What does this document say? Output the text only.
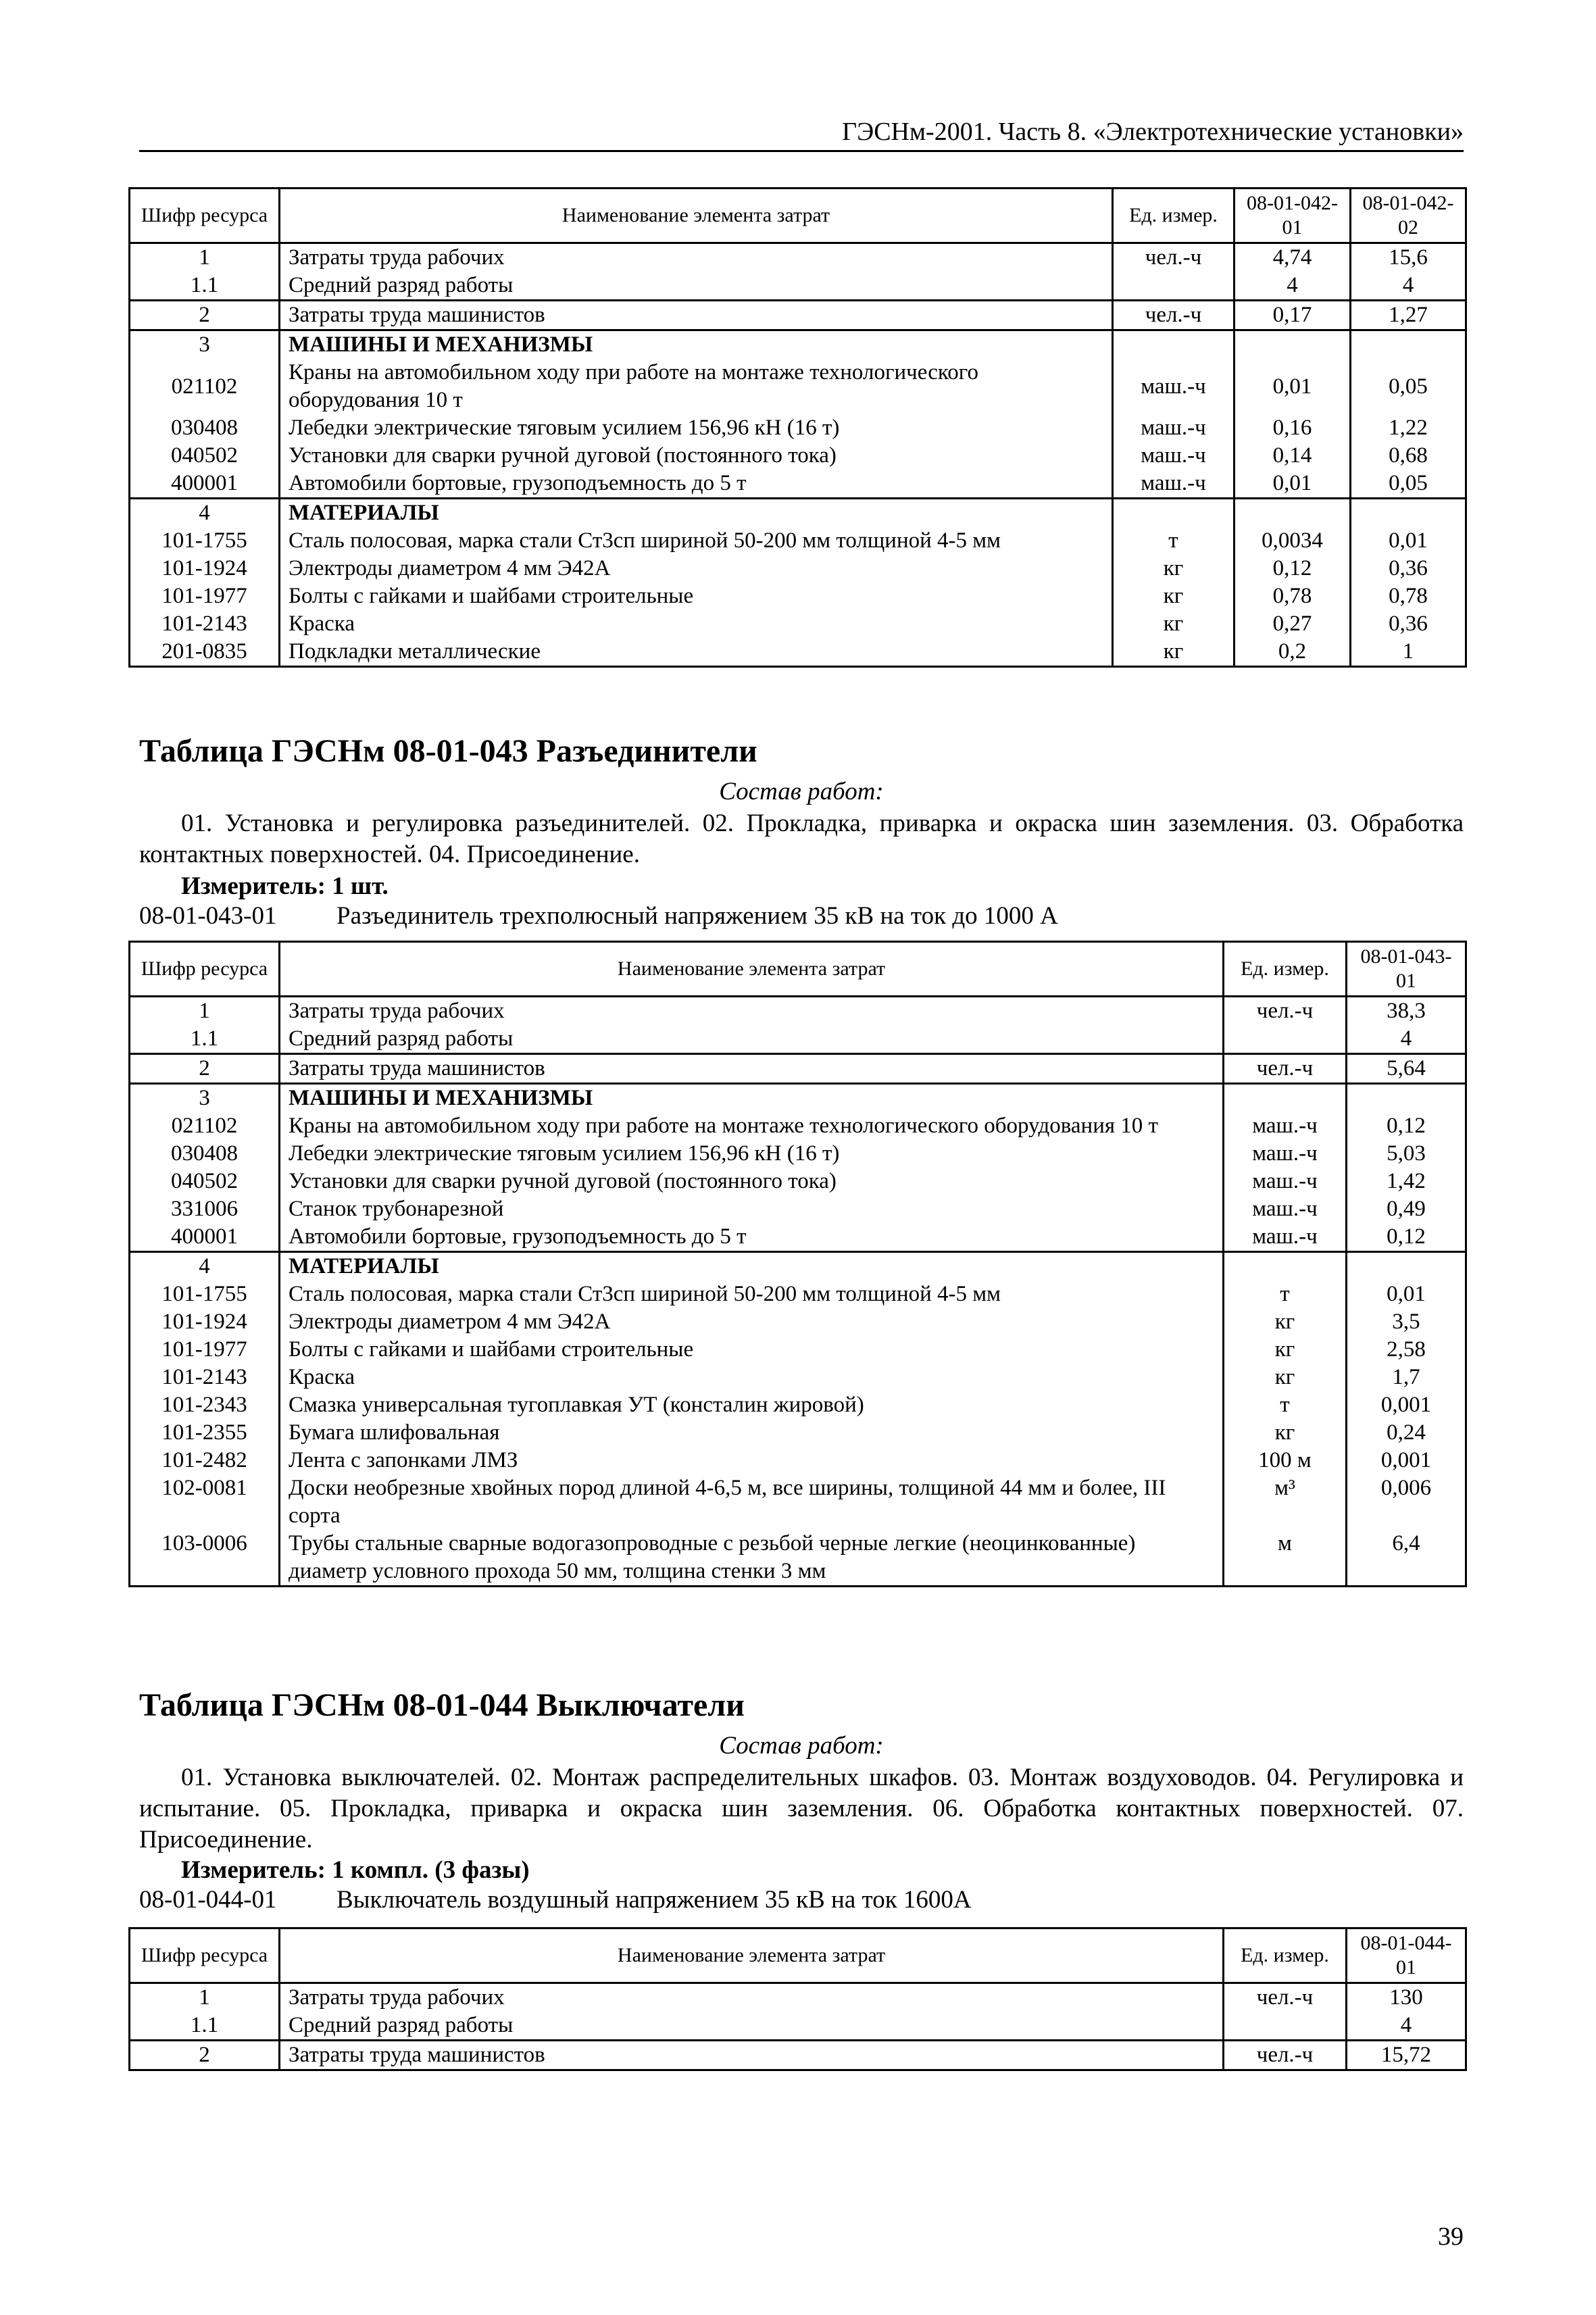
ГЭСНм-2001. Часть 8. «Электротехнические установки»
Шифр ресурса	Наименование элемента затрат	Ед. измер.	08-01-042-01	08-01-042-02
1	Затраты труда рабочих	чел.-ч	4,74	15,6
1.1	Средний разряд работы		4	4
2	Затраты труда машинистов	чел.-ч	0,17	1,27
3	МАШИНЫ И МЕХАНИЗМЫ			
021102	Краны на автомобильном ходу при работе на монтаже технологического оборудования 10 т	маш.-ч	0,01	0,05
030408	Лебедки электрические тяговым усилием 156,96 кН (16 т)	маш.-ч	0,16	1,22
040502	Установки для сварки ручной дуговой (постоянного тока)	маш.-ч	0,14	0,68
400001	Автомобили бортовые, грузоподъемность до 5 т	маш.-ч	0,01	0,05
4	МАТЕРИАЛЫ			
101-1755	Сталь полосовая, марка стали Ст3сп шириной 50-200 мм толщиной 4-5 мм	т	0,0034	0,01
101-1924	Электроды диаметром 4 мм Э42А	кг	0,12	0,36
101-1977	Болты с гайками и шайбами строительные	кг	0,78	0,78
101-2143	Краска	кг	0,27	0,36
201-0835	Подкладки металлические	кг	0,2	1
Таблица ГЭСНм 08-01-043 Разъединители
Состав работ:
01. Установка и регулировка разъединителей. 02. Прокладка, приварка и окраска шин заземления. 03. Обработка контактных поверхностей. 04. Присоединение.
Измеритель: 1 шт.
08-01-043-01 Разъединитель трехполюсный напряжением 35 кВ на ток до 1000 А
Шифр ресурса	Наименование элемента затрат	Ед. измер.	08-01-043-01
1	Затраты труда рабочих	чел.-ч	38,3
1.1	Средний разряд работы		4
2	Затраты труда машинистов	чел.-ч	5,64
3	МАШИНЫ И МЕХАНИЗМЫ		
021102	Краны на автомобильном ходу при работе на монтаже технологического оборудования 10 т	маш.-ч	0,12
030408	Лебедки электрические тяговым усилием 156,96 кН (16 т)	маш.-ч	5,03
040502	Установки для сварки ручной дуговой (постоянного тока)	маш.-ч	1,42
331006	Станок трубонарезной	маш.-ч	0,49
400001	Автомобили бортовые, грузоподъемность до 5 т	маш.-ч	0,12
4	МАТЕРИАЛЫ		
101-1755	Сталь полосовая, марка стали Ст3сп шириной 50-200 мм толщиной 4-5 мм	т	0,01
101-1924	Электроды диаметром 4 мм Э42А	кг	3,5
101-1977	Болты с гайками и шайбами строительные	кг	2,58
101-2143	Краска	кг	1,7
101-2343	Смазка универсальная тугоплавкая УТ (консталин жировой)	т	0,001
101-2355	Бумага шлифовальная	кг	0,24
101-2482	Лента с запонками ЛМЗ	100 м	0,001
102-0081	Доски необрезные хвойных пород длиной 4-6,5 м, все ширины, толщиной 44 мм и более, III сорта	м³	0,006
103-0006	Трубы стальные сварные водогазопроводные с резьбой черные легкие (неоцинкованные) диаметр условного прохода 50 мм, толщина стенки 3 мм	м	6,4
Таблица ГЭСНм 08-01-044 Выключатели
Состав работ:
01. Установка выключателей. 02. Монтаж распределительных шкафов. 03. Монтаж воздуховодов. 04. Регулировка и испытание. 05. Прокладка, приварка и окраска шин заземления. 06. Обработка контактных поверхностей. 07. Присоединение.
Измеритель: 1 компл. (3 фазы)
08-01-044-01 Выключатель воздушный напряжением 35 кВ на ток 1600А
Шифр ресурса	Наименование элемента затрат	Ед. измер.	08-01-044-01
1	Затраты труда рабочих	чел.-ч	130
1.1	Средний разряд работы		4
2	Затраты труда машинистов	чел.-ч	15,72
39
